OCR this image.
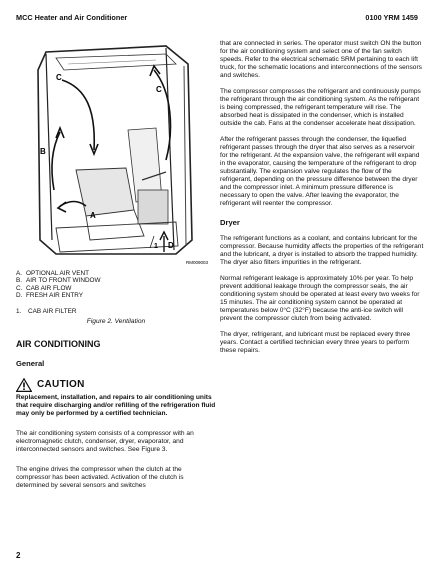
MCC Heater and Air Conditioner	0100 YRM 1459
C
C
B
A
1 D
RM009003
A. OPTIONAL AIR VENT
B. AIR TO FRONT WINDOW
C. CAB AIR FLOW
D. FRESH AIR ENTRY
1. CAB AIR FILTER
Figure 2. Ventilation
AIR CONDITIONING
General
CAUTION
Replacement, installation, and repairs to air conditioning units that require discharging and/or refilling of the refrigeration fluid may only be performed by a certified technician.

The air conditioning system consists of a compressor with an electromagnetic clutch, condenser, dryer, evaporator, and interconnected sensors and switches. See Figure 3.

The engine drives the compressor when the clutch at the compressor has been activated. Activation of the clutch is determined by several sensors and switches

that are connected in series. The operator must switch ON the button for the air conditioning system and select one of the fan switch speeds. Refer to the electrical schematic SRM pertaining to each lift truck, for the schematic locations and interconnections of the sensors and switches.

The compressor compresses the refrigerant and continuously pumps the refrigerant through the air conditioning system. As the refrigerant is being compressed, the refrigerant temperature will rise. The absorbed heat is dissipated in the condenser, which is installed outside the cab. Fans at the condenser accelerate heat dissipation.

After the refrigerant passes through the condenser, the liquefied refrigerant passes through the dryer that also serves as a reservoir for the refrigerant. At the expansion valve, the refrigerant will expand in the evaporator, causing the temperature of the refrigerant to drop substantially. The expansion valve regulates the flow of the refrigerant, depending on the pressure difference between the dryer and the compressor inlet. A minimum pressure difference is necessary to open the valve. After leaving the evaporator, the refrigerant will reenter the compressor.

Dryer

The refrigerant functions as a coolant, and contains lubricant for the compressor. Because humidity affects the properties of the refrigerant and the lubricant, a dryer is installed to absorb the trapped humidity. The dryer also filters impurities in the refrigerant.

Normal refrigerant leakage is approximately 10% per year. To help prevent additional leakage through the compressor seals, the air conditioning system should be operated at least every two weeks for 15 minutes. The air conditioning system cannot be operated at temperatures below 0°C (32°F) because the anti-ice switch will prevent the compressor clutch from being activated.

The dryer, refrigerant, and lubricant must be replaced every three years. Contact a certified technician every three years to perform these repairs.

2
